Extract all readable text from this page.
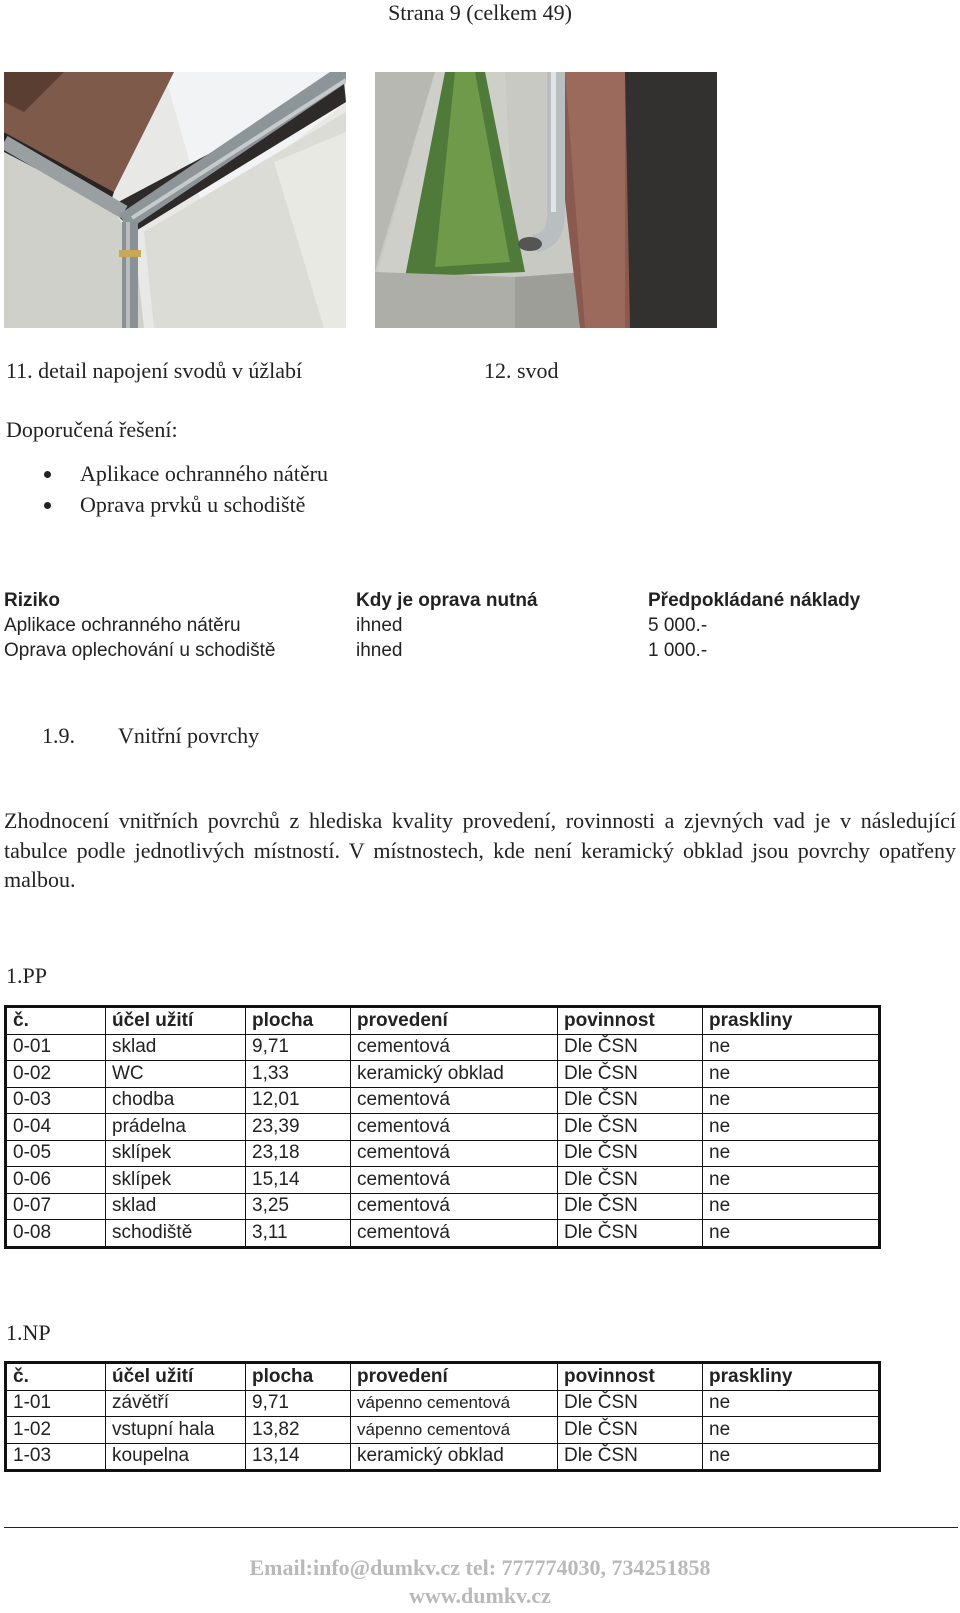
Strana 9 (celkem 49)
11. detail napojení svodů v úžlabí	12. svod
Doporučená řešení:
Aplikace ochranného nátěru
Oprava prvků u schodiště
Riziko	Kdy je oprava nutná	Předpokládané náklady
Aplikace ochranného nátěru	ihned	5 000.-
Oprava oplechování u schodiště	ihned	1 000.-
1.9. Vnitřní povrchy

Zhodnocení vnitřních povrchů z hlediska kvality provedení, rovinnosti a zjevných vad je v následující tabulce podle jednotlivých místností. V místnostech, kde není keramický obklad jsou povrchy opatřeny malbou.

1.PP
č.	účel užití	plocha	provedení	povinnost	praskliny
0-01	sklad	9,71	cementová	Dle ČSN	ne
0-02	WC	1,33	keramický obklad	Dle ČSN	ne
0-03	chodba	12,01	cementová	Dle ČSN	ne
0-04	prádelna	23,39	cementová	Dle ČSN	ne
0-05	sklípek	23,18	cementová	Dle ČSN	ne
0-06	sklípek	15,14	cementová	Dle ČSN	ne
0-07	sklad	3,25	cementová	Dle ČSN	ne
0-08	schodiště	3,11	cementová	Dle ČSN	ne
1.NP
č.	účel užití	plocha	provedení	povinnost	praskliny
1-01	závětří	9,71	vápenno cementová	Dle ČSN	ne
1-02	vstupní hala	13,82	vápenno cementová	Dle ČSN	ne
1-03	koupelna	13,14	keramický obklad	Dle ČSN	ne
Email:info@dumkv.cz tel: 777774030, 734251858
www.dumkv.cz
